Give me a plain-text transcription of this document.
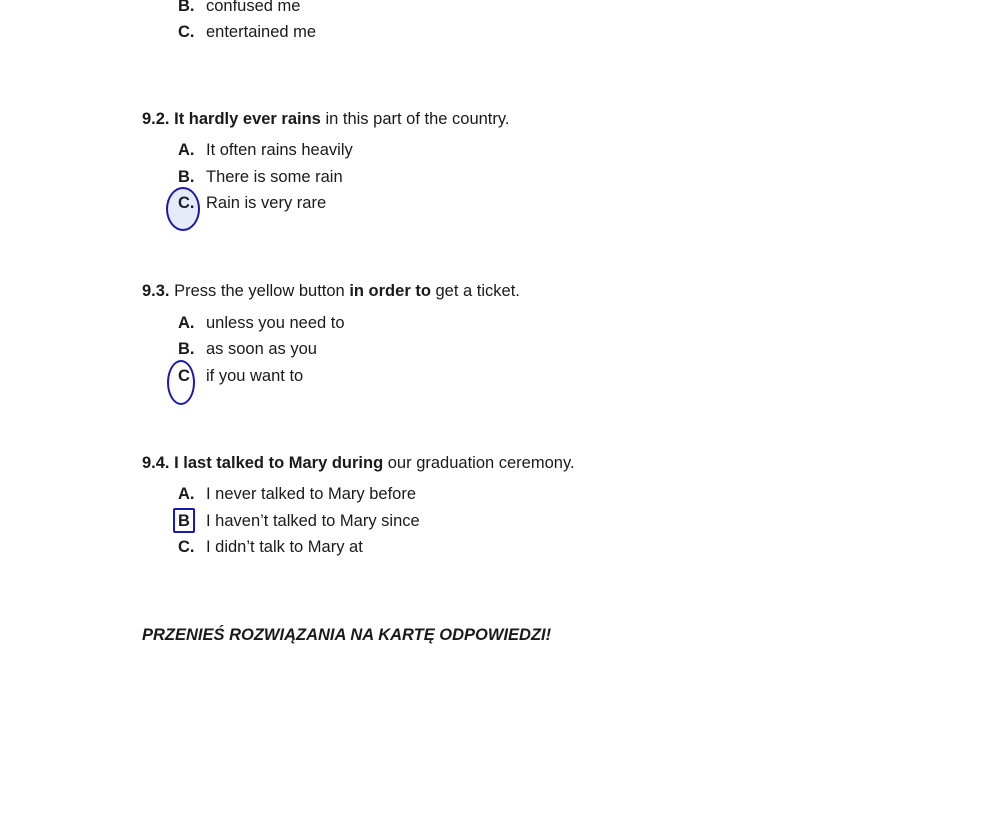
B. confused me
C. entertained me
9.2. It hardly ever rains in this part of the country.
A. It often rains heavily
B. There is some rain
C. Rain is very rare
9.3. Press the yellow button in order to get a ticket.
A. unless you need to
B. as soon as you
C if you want to
9.4. I last talked to Mary during our graduation ceremony.
A. I never talked to Mary before
B I haven’t talked to Mary since
C. I didn’t talk to Mary at
PRZENIEŚ ROZWIĄZANIA NA KARTĘ ODPOWIEDZI!
